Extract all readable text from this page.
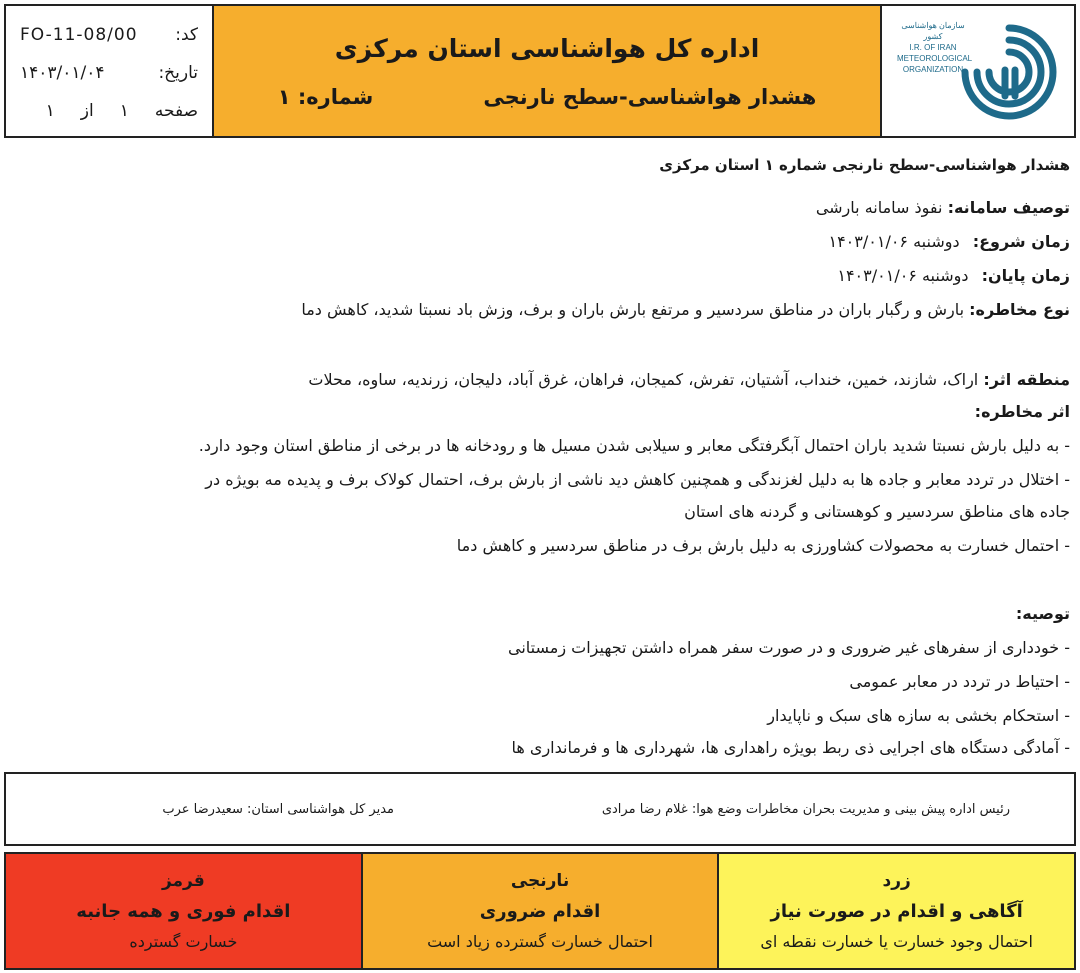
کد:
FO-11-08/00
تاریخ:
۱۴۰۳/۰۱/۰۴
صفحه
۱
از
۱
اداره کل هواشناسی استان مرکزی
هشدار هواشناسی-سطح نارنجی
شماره: ۱
سازمان هواشناسی کشور
I.R. OF IRAN
METEOROLOGICAL
ORGANIZATION
هشدار هواشناسی-سطح نارنجی شماره ۱ استان مرکزی
توصیف سامانه: نفوذ سامانه بارشی
زمان شروع: دوشنبه ۱۴۰۳/۰۱/۰۶
زمان پایان: دوشنبه ۱۴۰۳/۰۱/۰۶
نوع مخاطره: بارش و رگبار باران در مناطق سردسیر و مرتفع بارش باران و برف، وزش باد نسبتا شدید، کاهش دما
منطقه اثر: اراک، شازند، خمین، خنداب، آشتیان، تفرش، کمیجان، فراهان، غرق آباد، دلیجان، زرندیه، ساوه، محلات
اثر مخاطره:
- به دلیل بارش نسبتا شدید باران احتمال آبگرفتگی معابر و سیلابی شدن مسیل ها و رودخانه ها در برخی از مناطق استان وجود دارد.
- اختلال در تردد معابر و جاده ها به دلیل لغزندگی و همچنین کاهش دید ناشی از بارش برف، احتمال کولاک برف و پدیده مه بویژه در
جاده های مناطق سردسیر و کوهستانی و گردنه های استان
- احتمال خسارت به محصولات کشاورزی به دلیل بارش برف در مناطق سردسیر و کاهش دما
توصیه:
- خودداری از سفرهای غیر ضروری و در صورت سفر همراه داشتن تجهیزات زمستانی
- احتیاط در تردد در معابر عمومی
- استحکام بخشی به سازه های سبک و ناپایدار
- آمادگی دستگاه های اجرایی ذی ربط بویژه راهداری ها، شهرداری ها و فرمانداری ها
رئیس اداره پیش بینی و مدیریت بحران مخاطرات وضع هوا: غلام رضا مرادی
مدیر کل هواشناسی استان: سعیدرضا عرب
قرمز
اقدام فوری و همه جانبه
خسارت گسترده
نارنجی
اقدام ضروری
احتمال خسارت گسترده زیاد است
زرد
آگاهی و اقدام در صورت نیاز
احتمال وجود خسارت یا خسارت نقطه ای
